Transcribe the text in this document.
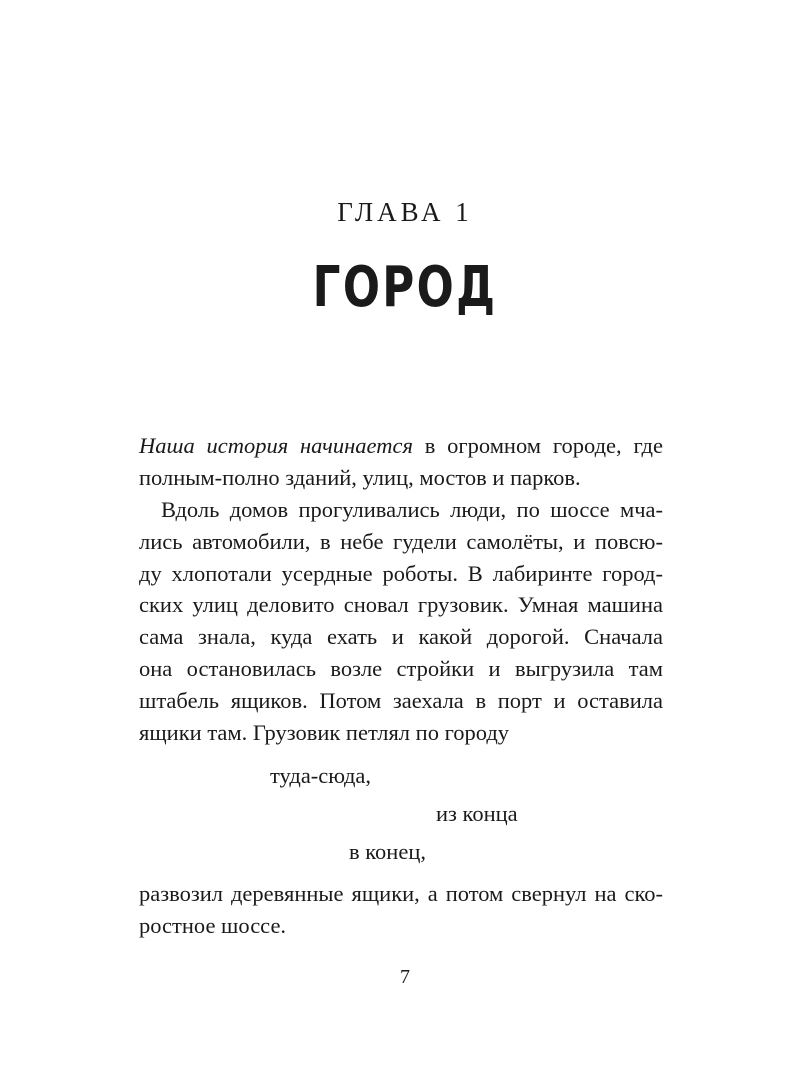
ГЛАВА 1
ГОРОД
Наша история начинается в огромном городе, где
полным-полно зданий, улиц, мостов и парков.
Вдоль домов прогуливались люди, по шоссе мча-
лись автомобили, в небе гудели самолёты, и повсю-
ду хлопотали усердные роботы. В лабиринте город-
ских улиц деловито сновал грузовик. Умная машина
сама знала, куда ехать и какой дорогой. Сначала
она остановилась возле стройки и выгрузила там
штабель ящиков. Потом заехала в порт и оставила
ящики там. Грузовик петлял по городу
туда-сюда,
из конца
в конец,
развозил деревянные ящики, а потом свернул на ско-
ростное шоссе.
7
